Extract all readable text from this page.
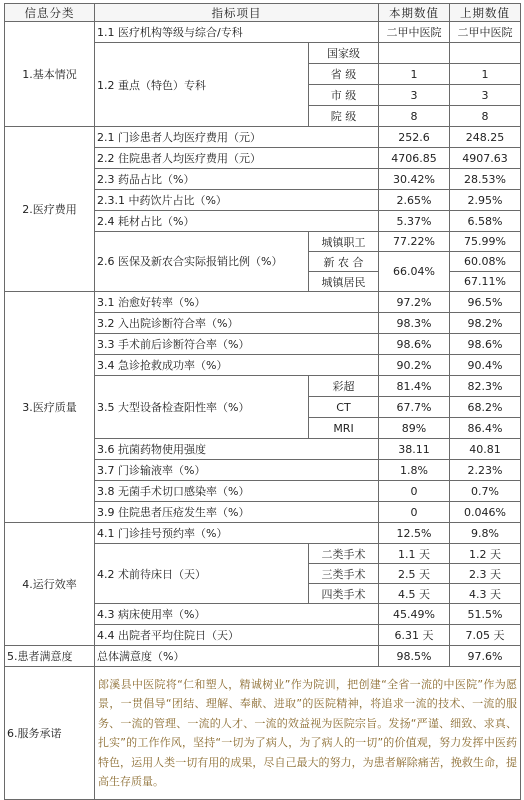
信息分类	指标项目		本期数值	上期数值
1.基本情况	1.1 医疗机构等级与综合/专科		二甲中医院	二甲中医院
	1.2 重点（特色）专科	国家级		
		省 级	1	1
		市 级	3	3
		院 级	8	8

2.医疗费用	2.1 门诊患者人均医疗费用（元）		252.6	248.25
	2.2 住院患者人均医疗费用（元）		4706.85	4907.63
	2.3 药品占比（%）		30.42%	28.53%
	2.3.1 中药饮片占比（%）		2.65%	2.95%
	2.4 耗材占比（%）		5.37%	6.58%
	2.6 医保及新农合实际报销比例（%）	城镇职工	77.22%	75.99%
		新 农 合	66.04%	60.08%
		城镇居民		67.11%
3.医疗质量	3.1 治愈好转率（%）		97.2%	96.5%
	3.2 入出院诊断符合率（%）		98.3%	98.2%
	3.3 手术前后诊断符合率（%）		98.6%	98.6%
	3.4 急诊抢救成功率（%）		90.2%	90.4%
	3.5 大型设备检查阳性率（%）	彩超	81.4%	82.3%
		CT	67.7%	68.2%
		MRI	89%	86.4%
	3.6 抗菌药物使用强度		38.11	40.81
	3.7 门诊输液率（%）		1.8%	2.23%
	3.8 无菌手术切口感染率（%）		0	0.7%
	3.9 住院患者压疮发生率（%）		0	0.046%
4.运行效率	4.1 门诊挂号预约率（%）		12.5%	9.8%
	4.2 术前待床日（天）	二类手术	1.1 天	1.2 天
		三类手术	2.5 天	2.3 天
		四类手术	4.5 天	4.3 天
	4.3 病床使用率（%）		45.49%	51.5%
	4.4 出院者平均住院日（天）		6.31 天	7.05 天
5.患者满意度	总体满意度（%）		98.5%	97.6%
6.服务承诺	郎溪县中医院将“仁和塑人，精诚树业”作为院训，把创建“全省一流的中医院”作为愿景，一贯倡导“团结、理解、奉献、进取”的医院精神，将追求一流的技术、一流的服务、一流的管理、一流的人才、一流的效益视为医院宗旨。发扬“严谨、细致、求真、扎实”的工作作风，坚持“一切为了病人，为了病人的一切”的价值观，努力发挥中医药特色，运用人类一切有用的成果，尽自己最大的努力，为患者解除痛苦，挽救生命，提高生存质量。			
